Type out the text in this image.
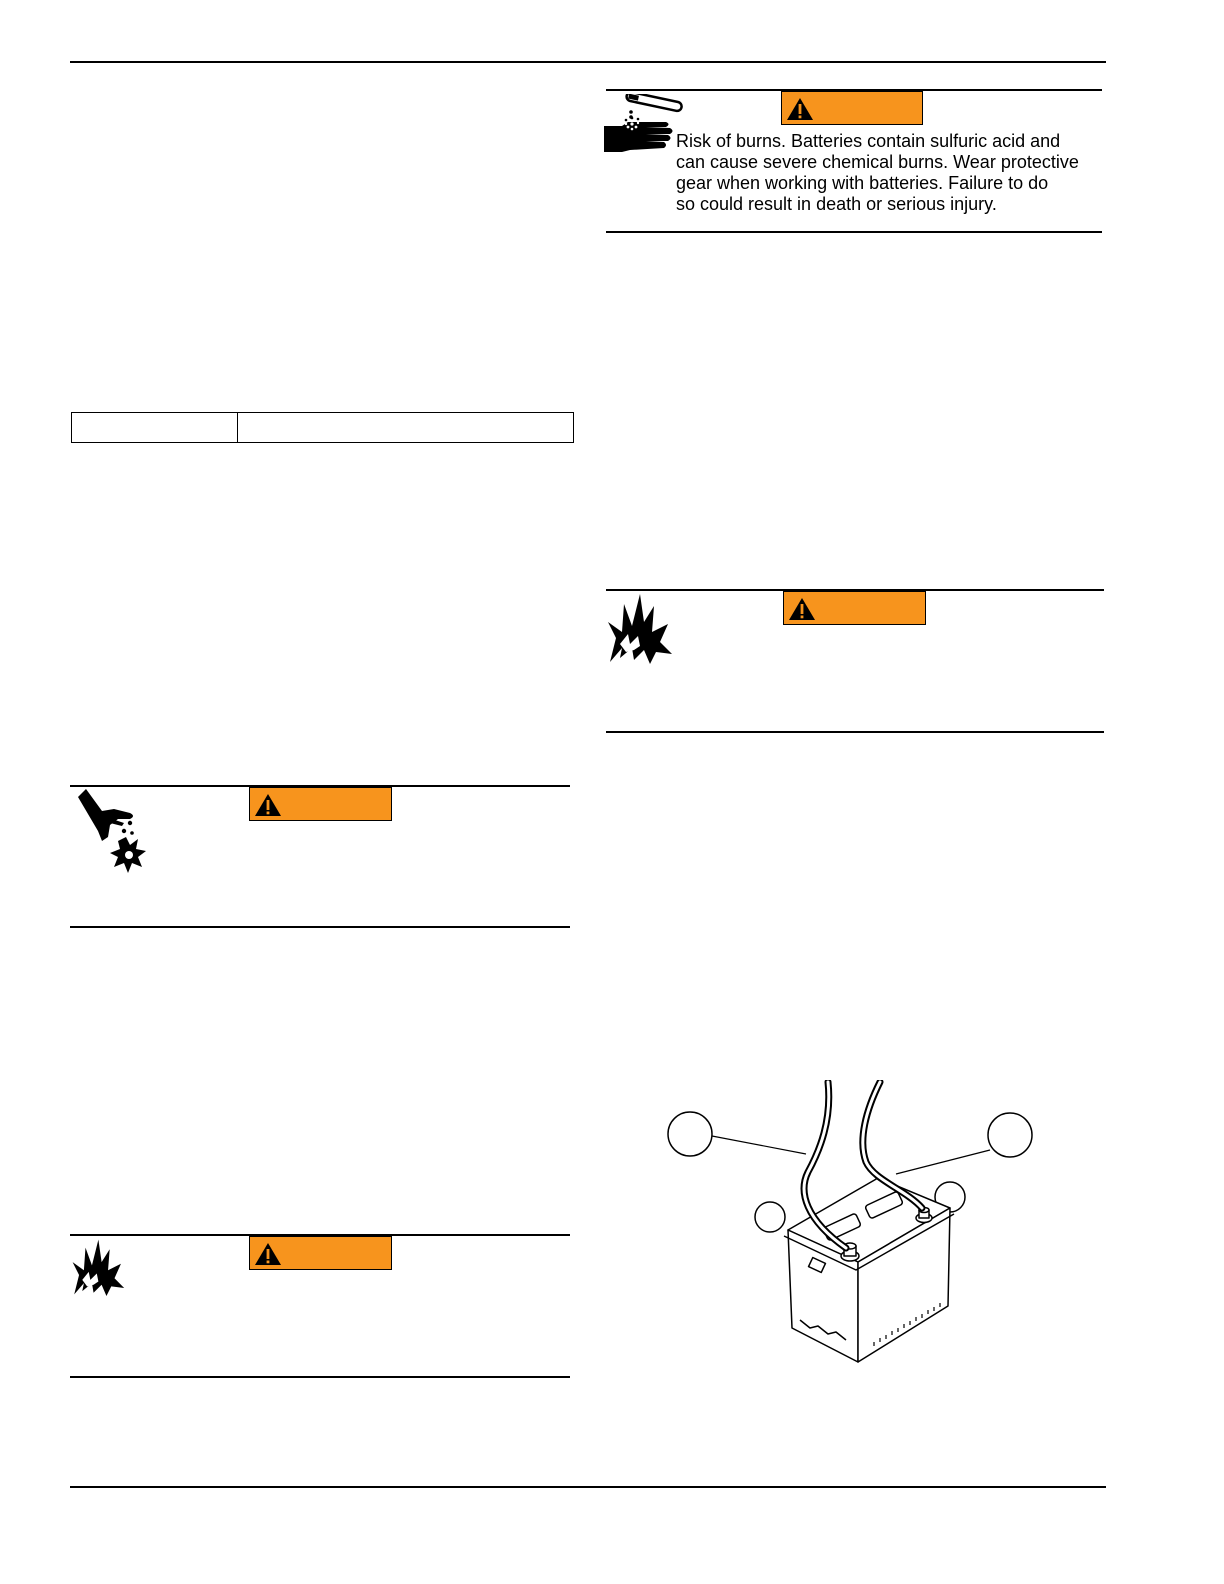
Risk of burns. Batteries contain sulfuric acid and
can cause severe chemical burns. Wear protective
gear when working with batteries. Failure to do
so could result in death or serious injury.
